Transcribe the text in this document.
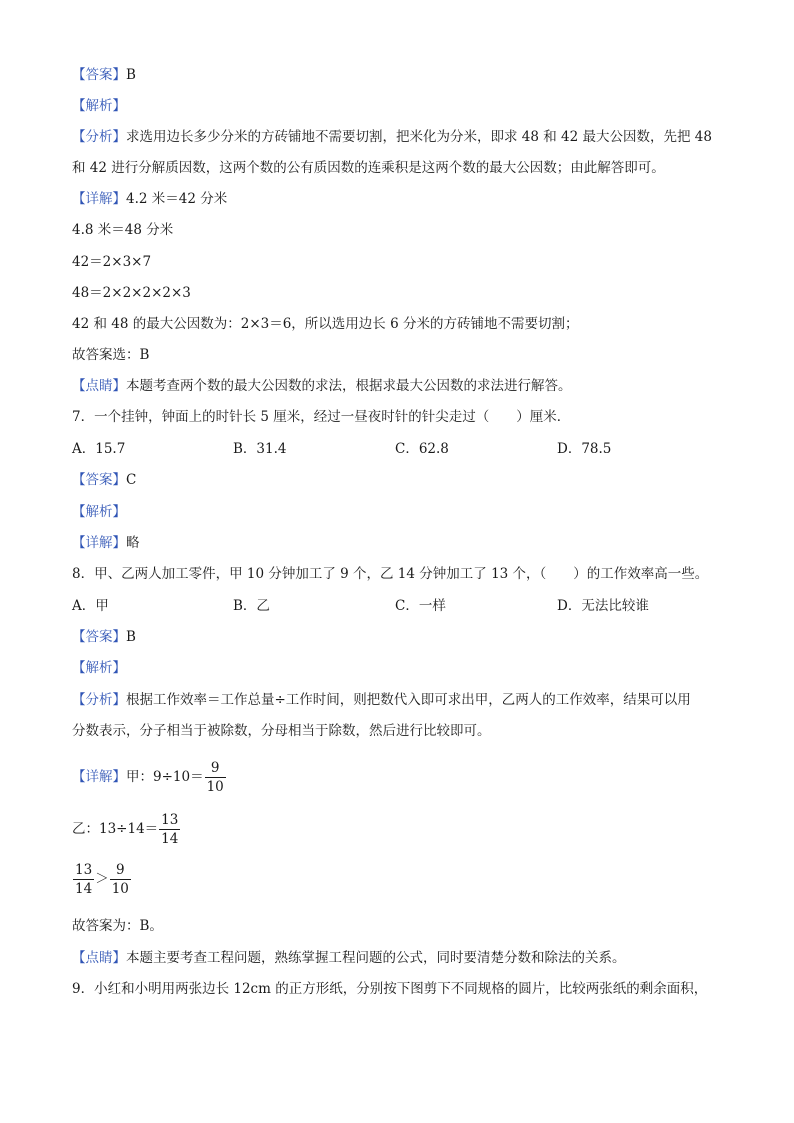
【答案】B
【解析】
【分析】求选用边长多少分米的方砖铺地不需要切割，把米化为分米，即求 48 和 42 最大公因数，先把 48
和 42 进行分解质因数，这两个数的公有质因数的连乘积是这两个数的最大公因数；由此解答即可。
【详解】4.2 米＝42 分米
4.8 米＝48 分米
42＝2×3×7
48＝2×2×2×2×3
42 和 48 的最大公因数为：2×3＝6，所以选用边长 6 分米的方砖铺地不需要切割；
故答案选：B
【点睛】本题考查两个数的最大公因数的求法，根据求最大公因数的求法进行解答。
7．一个挂钟，钟面上的时针长 5 厘米，经过一昼夜时针的针尖走过（　　）厘米．
A．15.7	B．31.4	C．62.8	D．78.5
【答案】C
【解析】
【详解】略
8．甲、乙两人加工零件，甲 10 分钟加工了 9 个，乙 14 分钟加工了 13 个，（　　）的工作效率高一些。
A．甲	B．乙	C．一样	D．无法比较谁
【答案】B
【解析】
【分析】根据工作效率＝工作总量÷工作时间，则把数代入即可求出甲，乙两人的工作效率，结果可以用
分数表示，分子相当于被除数，分母相当于除数，然后进行比较即可。
【详解】甲：$9\div 10= \frac{9}{10}$
乙：$13\div 14= \frac{13}{14}$
$\frac{13}{14} > \frac{9}{10}$
故答案为：B。
【点睛】本题主要考查工程问题，熟练掌握工程问题的公式，同时要清楚分数和除法的关系。
9．小红和小明用两张边长 12cm 的正方形纸，分别按下图剪下不同规格的圆片，比较两张纸的剩余面积，
